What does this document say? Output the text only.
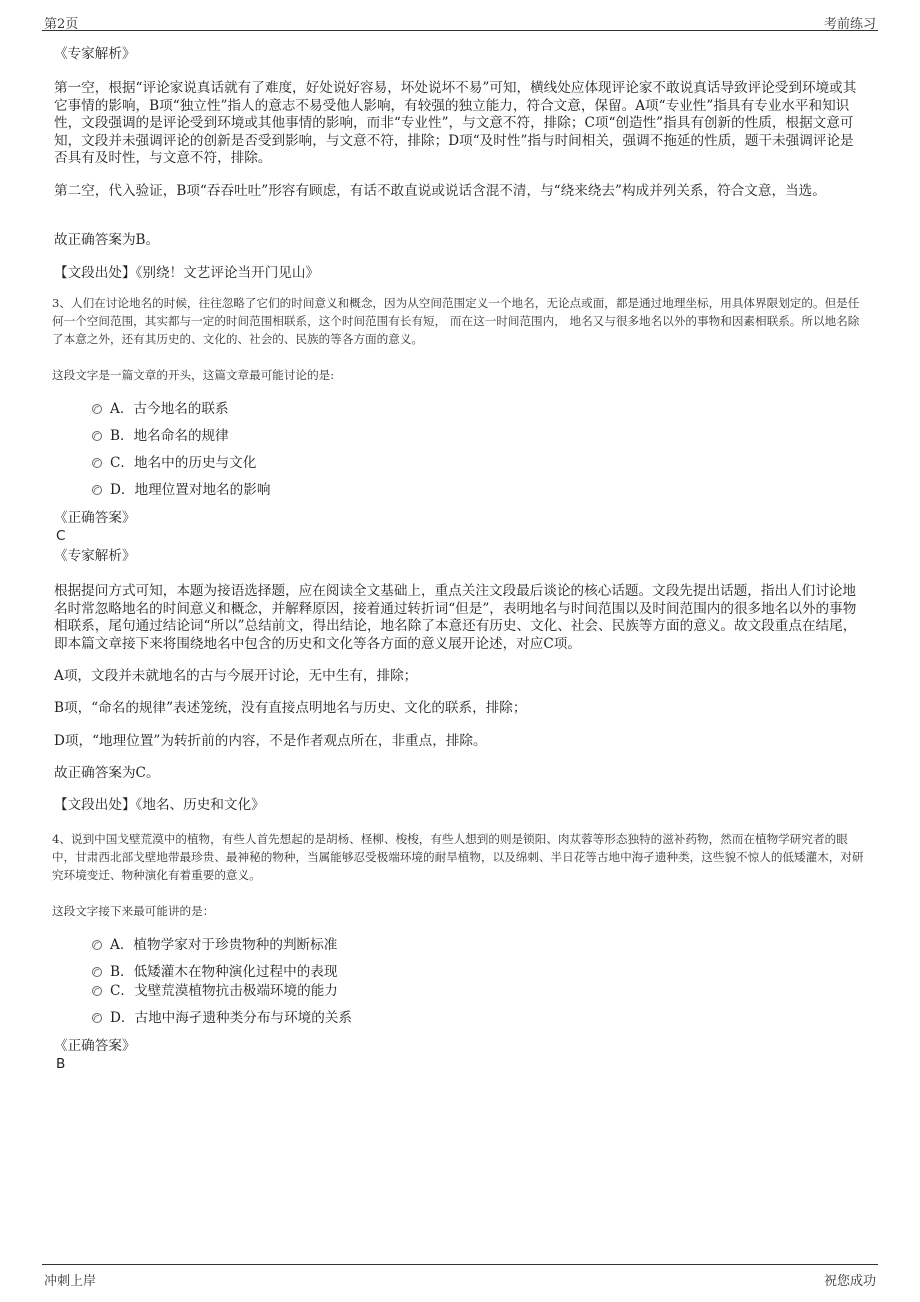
第2页	考前练习
《专家解析》
第一空，根据“评论家说真话就有了难度，好处说好容易，坏处说坏不易”可知，横线处应体现评论家不敢说真话导致评论受到环境或其它事情的影响，B项“独立性”指人的意志不易受他人影响，有较强的独立能力，符合文意，保留。A项“专业性”指具有专业水平和知识性，文段强调的是评论受到环境或其他事情的影响，而非“专业性”，与文意不符，排除；C项“创造性”指具有创新的性质，根据文意可知，文段并未强调评论的创新是否受到影响，与文意不符，排除；D项“及时性”指与时间相关，强调不拖延的性质，题干未强调评论是否具有及时性，与文意不符，排除。
第二空，代入验证，B项“吞吞吐吐”形容有顾虑，有话不敢直说或说话含混不清，与“绕来绕去”构成并列关系，符合文意，当选。
故正确答案为B。
【文段出处】《别绕！文艺评论当开门见山》
3、人们在讨论地名的时候，往往忽略了它们的时间意义和概念，因为从空间范围定义一个地名，无论点或面，都是通过地理坐标，用具体界限划定的。但是任何一个空间范围，其实都与一定的时间范围相联系，这个时间范围有长有短， 而在这一时间范围内， 地名又与很多地名以外的事物和因素相联系。所以地名除了本意之外，还有其历史的、文化的、社会的、民族的等各方面的意义。
这段文字是一篇文章的开头，这篇文章最可能讨论的是:
A．古今地名的联系
B．地名命名的规律
C．地名中的历史与文化
D．地理位置对地名的影响
《正确答案》
C
《专家解析》
根据提问方式可知，本题为接语选择题，应在阅读全文基础上，重点关注文段最后谈论的核心话题。文段先提出话题，指出人们讨论地名时常忽略地名的时间意义和概念，并解释原因，接着通过转折词“但是”，表明地名与时间范围以及时间范围内的很多地名以外的事物相联系，尾句通过结论词“所以”总结前文，得出结论，地名除了本意还有历史、文化、社会、民族等方面的意义。故文段重点在结尾，即本篇文章接下来将围绕地名中包含的历史和文化等各方面的意义展开论述，对应C项。
A项，文段并未就地名的古与今展开讨论，无中生有，排除；
B项，“命名的规律”表述笼统，没有直接点明地名与历史、文化的联系，排除；
D项，“地理位置”为转折前的内容，不是作者观点所在，非重点，排除。
故正确答案为C。
【文段出处】《地名、历史和文化》
4、说到中国戈壁荒漠中的植物，有些人首先想起的是胡杨、柽柳、梭梭，有些人想到的则是锁阳、肉苁蓉等形态独特的滋补药物，然而在植物学研究者的眼中，甘肃西北部戈壁地带最珍贵、最神秘的物种，当属能够忍受极端环境的耐旱植物，以及绵刺、半日花等古地中海孑遗种类，这些貌不惊人的低矮灌木，对研究环境变迁、物种演化有着重要的意义。
这段文字接下来最可能讲的是：
A．植物学家对于珍贵物种的判断标准
B．低矮灌木在物种演化过程中的表现
C．戈壁荒漠植物抗击极端环境的能力
D．古地中海孑遗种类分布与环境的关系
《正确答案》
B
冲刺上岸	祝您成功
